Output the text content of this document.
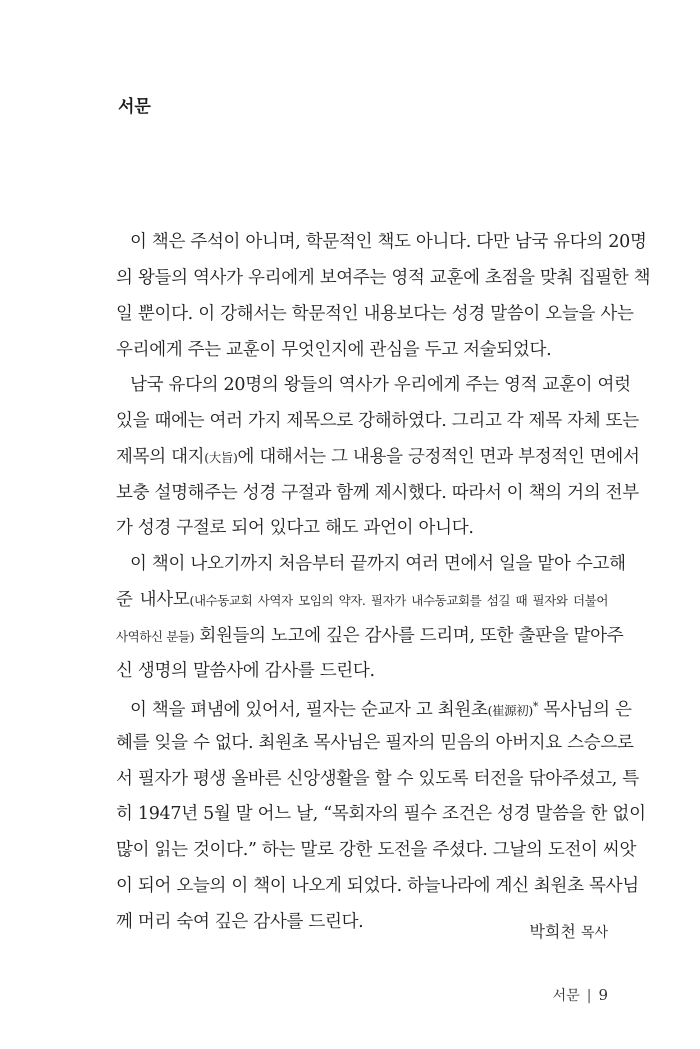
서문
이 책은 주석이 아니며, 학문적인 책도 아니다. 다만 남국 유다의 20명
의 왕들의 역사가 우리에게 보여주는 영적 교훈에 초점을 맞춰 집필한 책
일 뿐이다. 이 강해서는 학문적인 내용보다는 성경 말씀이 오늘을 사는
우리에게 주는 교훈이 무엇인지에 관심을 두고 저술되었다.
남국 유다의 20명의 왕들의 역사가 우리에게 주는 영적 교훈이 여럿
있을 때에는 여러 가지 제목으로 강해하였다. 그리고 각 제목 자체 또는
제목의 대지(大旨)에 대해서는 그 내용을 긍정적인 면과 부정적인 면에서
보충 설명해주는 성경 구절과 함께 제시했다. 따라서 이 책의 거의 전부
가 성경 구절로 되어 있다고 해도 과언이 아니다.
이 책이 나오기까지 처음부터 끝까지 여러 면에서 일을 맡아 수고해
준 내사모(내수동교회 사역자 모임의 약자. 필자가 내수동교회를 섬길 때 필자와 더불어
사역하신 분들) 회원들의 노고에 깊은 감사를 드리며, 또한 출판을 맡아주
신 생명의 말씀사에 감사를 드린다.
이 책을 펴냄에 있어서, 필자는 순교자 고 최원초(崔源初)* 목사님의 은
혜를 잊을 수 없다. 최원초 목사님은 필자의 믿음의 아버지요 스승으로
서 필자가 평생 올바른 신앙생활을 할 수 있도록 터전을 닦아주셨고, 특
히 1947년 5월 말 어느 날, “목회자의 필수 조건은 성경 말씀을 한 없이
많이 읽는 것이다.” 하는 말로 강한 도전을 주셨다. 그날의 도전이 씨앗
이 되어 오늘의 이 책이 나오게 되었다. 하늘나라에 계신 최원초 목사님
께 머리 숙여 깊은 감사를 드린다.	박희천 목사
서문 | 9
